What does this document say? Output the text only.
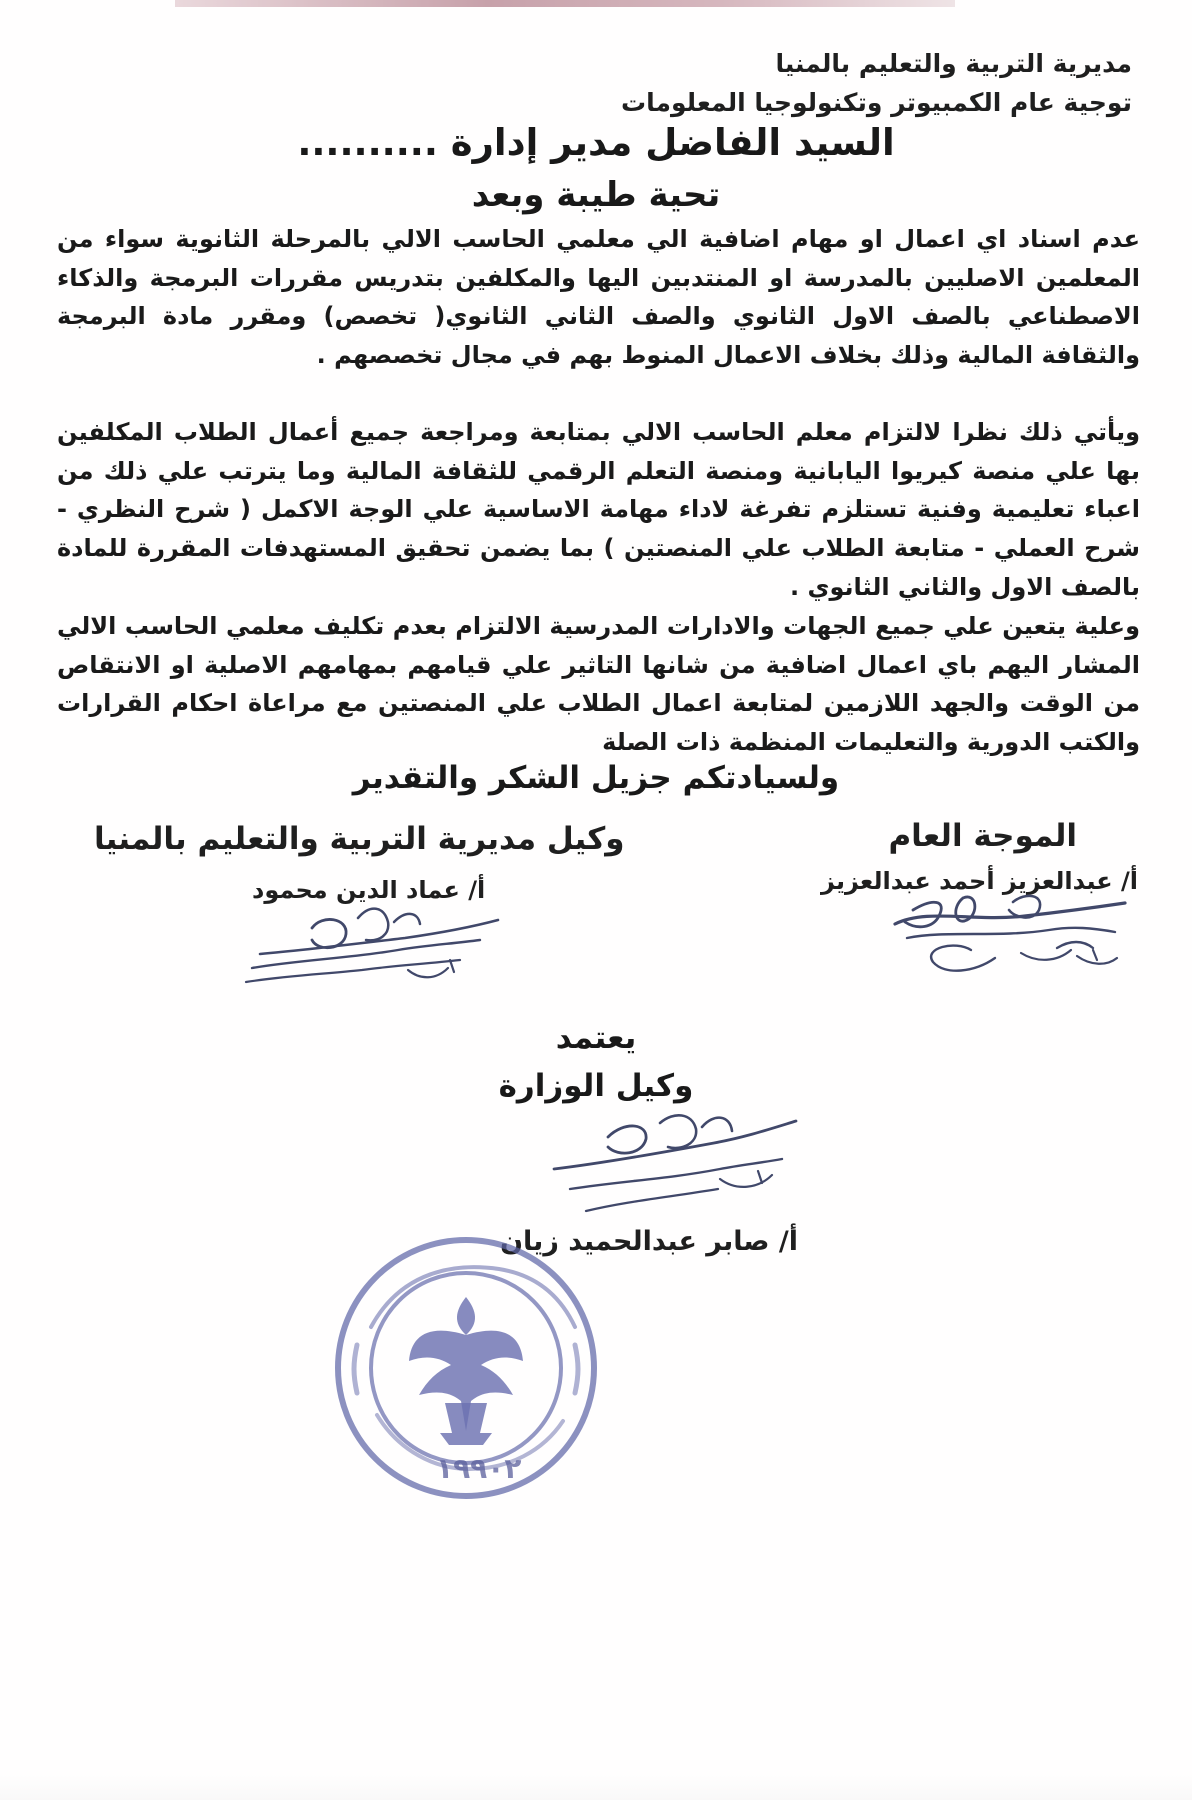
مديرية التربية والتعليم بالمنيا
توجية عام الكمبيوتر وتكنولوجيا المعلومات
السيد الفاضل مدير إدارة ..........
تحية طيبة وبعد
عدم اسناد اي اعمال او مهام اضافية الي معلمي الحاسب الالي بالمرحلة الثانوية سواء من المعلمين الاصليين بالمدرسة او المنتدبين اليها والمكلفين بتدريس مقررات البرمجة والذكاء الاصطناعي بالصف الاول الثانوي والصف الثاني الثانوي( تخصص) ومقرر مادة البرمجة والثقافة المالية وذلك بخلاف الاعمال المنوط بهم في مجال تخصصهم .
ويأتي ذلك نظرا لالتزام معلم الحاسب الالي بمتابعة ومراجعة جميع أعمال الطلاب المكلفين بها علي منصة كيريوا اليابانية ومنصة التعلم الرقمي للثقافة المالية وما يترتب علي ذلك من اعباء تعليمية وفنية تستلزم تفرغة لاداء مهامة الاساسية علي الوجة الاكمل ( شرح النظري - شرح العملي - متابعة الطلاب علي المنصتين ) بما يضمن تحقيق المستهدفات المقررة للمادة بالصف الاول والثاني الثانوي .
وعلية يتعين علي جميع الجهات والادارات المدرسية الالتزام بعدم تكليف معلمي الحاسب الالي المشار اليهم باي اعمال اضافية من شانها التاثير علي قيامهم بمهامهم الاصلية او الانتقاص من الوقت والجهد اللازمين لمتابعة اعمال الطلاب علي المنصتين مع مراعاة احكام القرارات والكتب الدورية والتعليمات المنظمة ذات الصلة
ولسيادتكم جزيل الشكر والتقدير
الموجة العام
أ/ عبدالعزيز أحمد عبدالعزيز
وكيل مديرية التربية والتعليم بالمنيا
أ/ عماد الدين محمود
يعتمد
وكيل الوزارة
أ/ صابر عبدالحميد زيان
١٩٩٠٢
